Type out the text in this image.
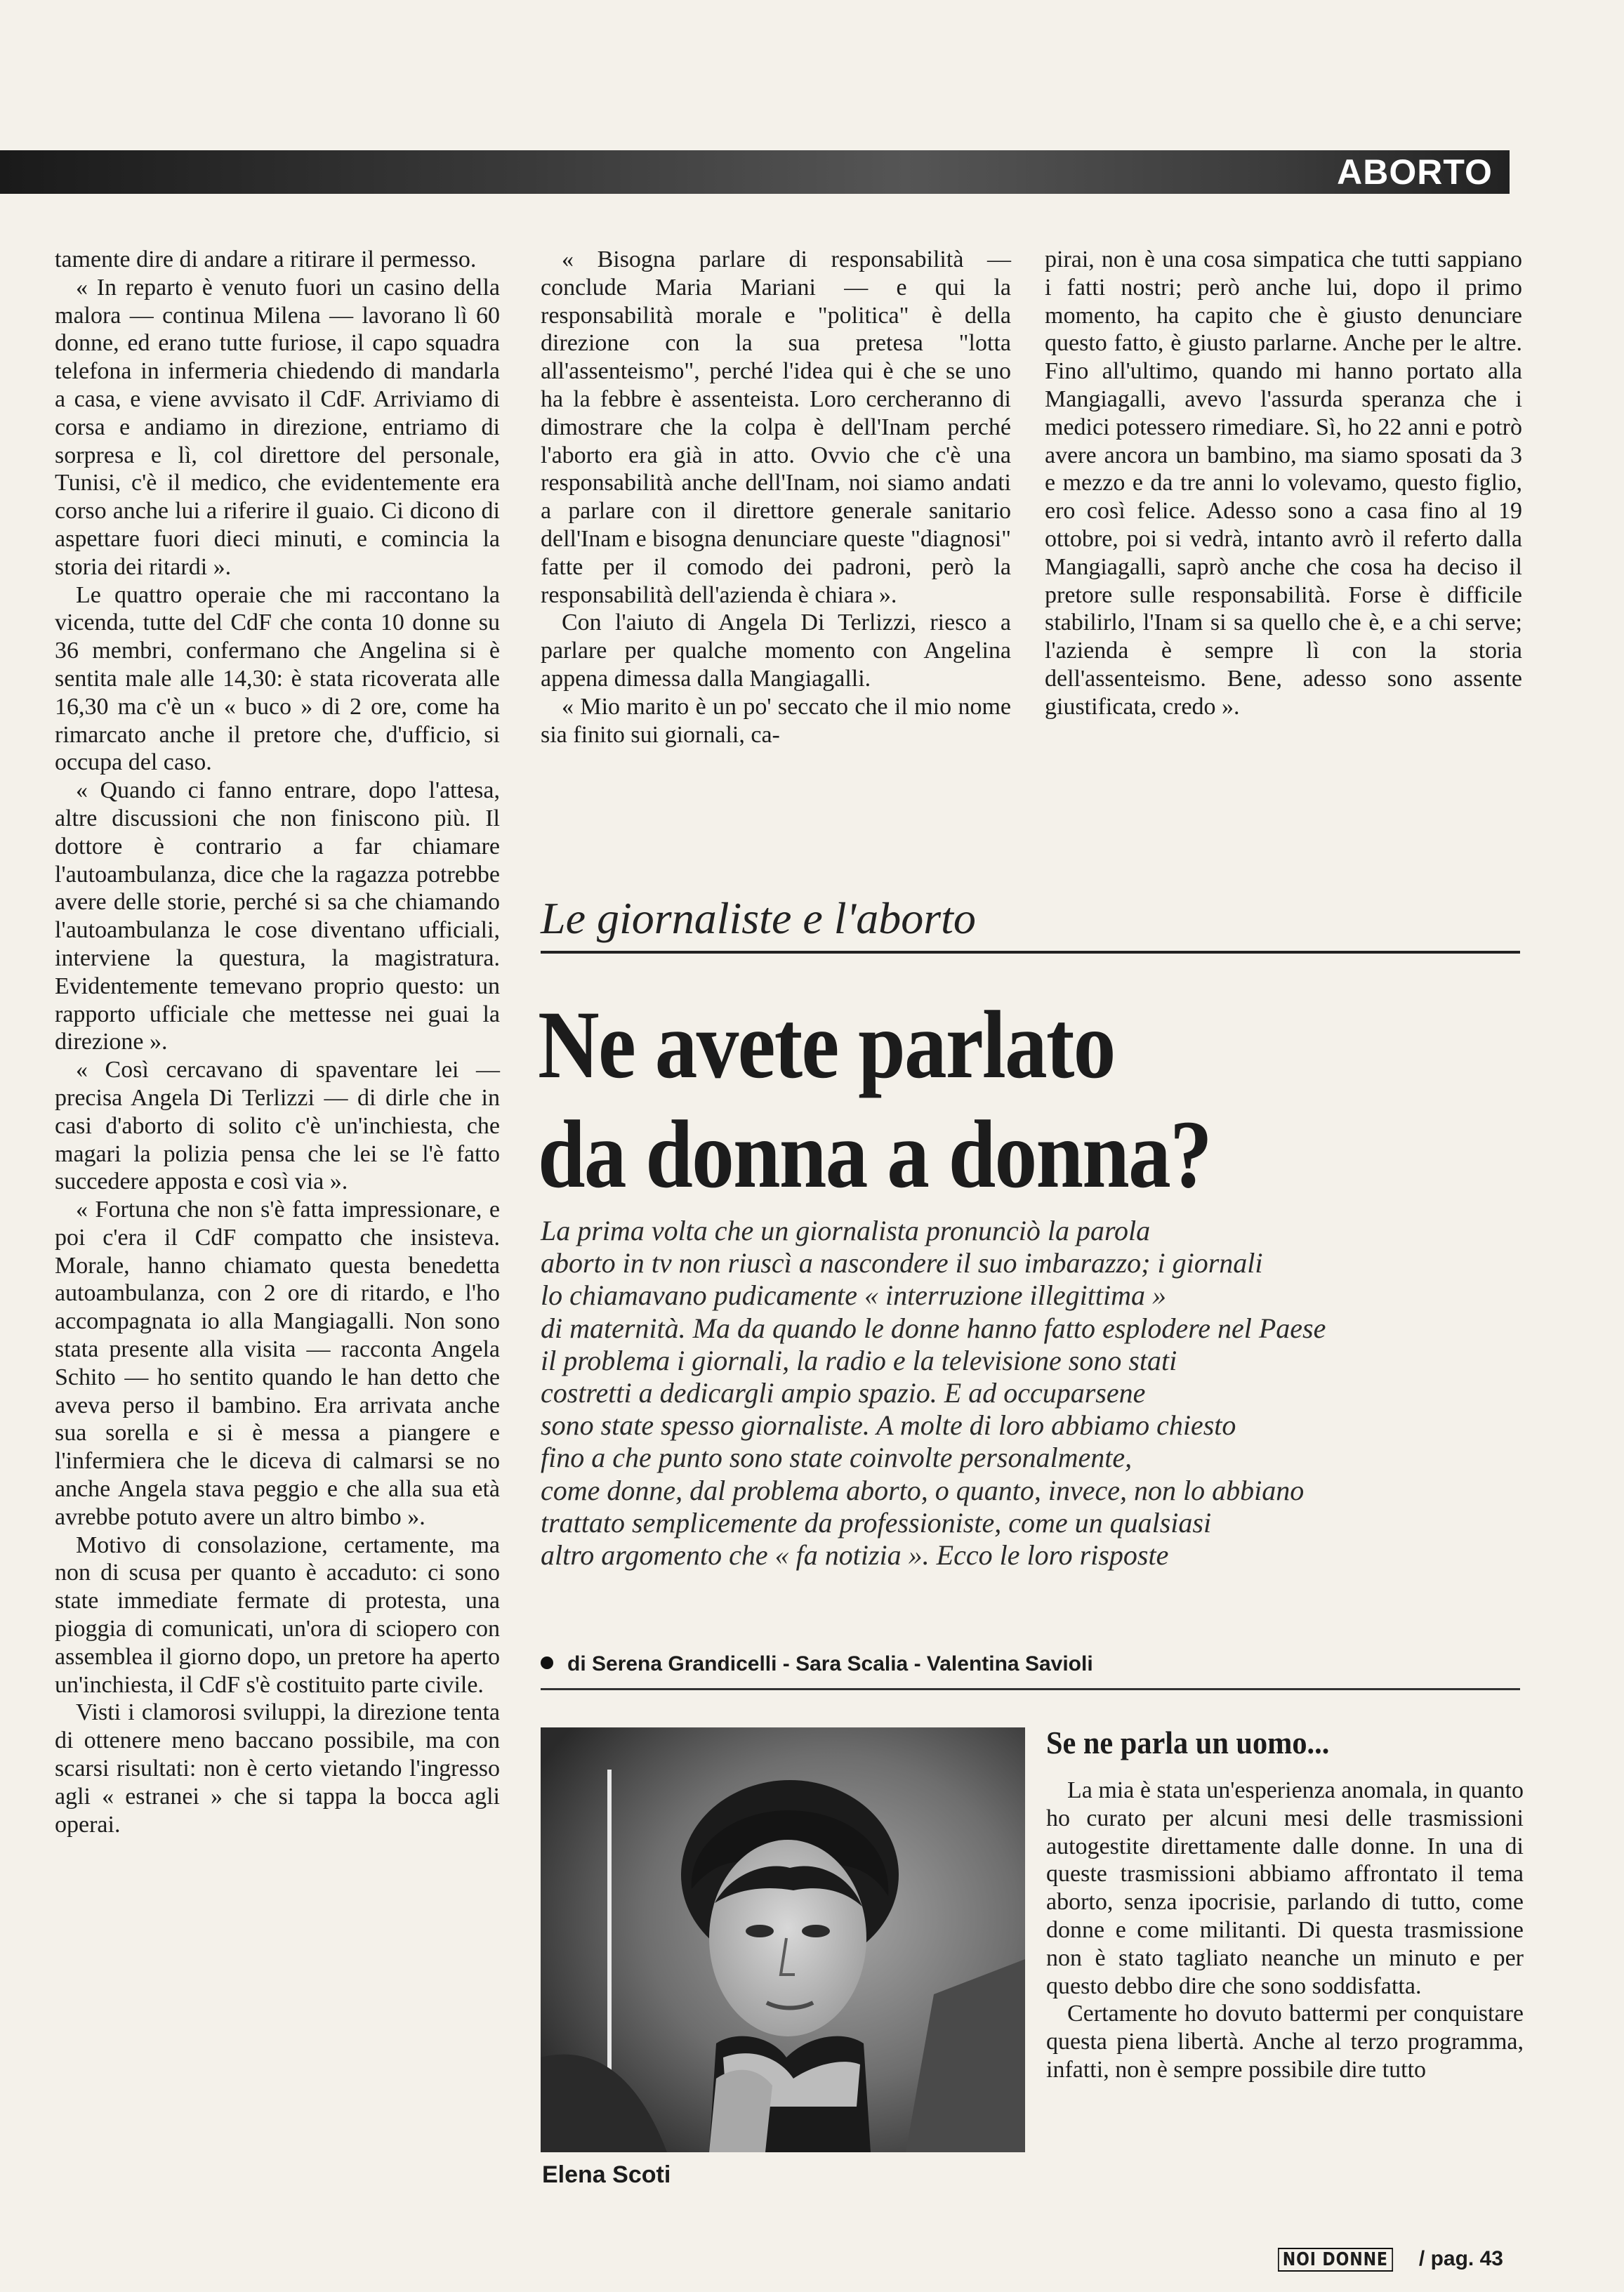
ABORTO

tamente dire di andare a ritirare il permesso.

« In reparto è venuto fuori un casino della malora — continua Milena — lavorano lì 60 donne, ed erano tutte furiose, il capo squadra telefona in infermeria chiedendo di mandarla a casa, e viene avvisato il CdF. Arriviamo di corsa e andiamo in direzione, entriamo di sorpresa e lì, col direttore del personale, Tunisi, c'è il medico, che evidentemente era corso anche lui a riferire il guaio. Ci dicono di aspettare fuori dieci minuti, e comincia la storia dei ritardi ».

Le quattro operaie che mi raccontano la vicenda, tutte del CdF che conta 10 donne su 36 membri, confermano che Angelina si è sentita male alle 14,30: è stata ricoverata alle 16,30 ma c'è un « buco » di 2 ore, come ha rimarcato anche il pretore che, d'ufficio, si occupa del caso.

« Quando ci fanno entrare, dopo l'attesa, altre discussioni che non finiscono più. Il dottore è contrario a far chiamare l'autoambulanza, dice che la ragazza potrebbe avere delle storie, perché si sa che chiamando l'autoambulanza le cose diventano ufficiali, interviene la questura, la magistratura. Evidentemente temevano proprio questo: un rapporto ufficiale che mettesse nei guai la direzione ».

« Così cercavano di spaventare lei — precisa Angela Di Terlizzi — di dirle che in casi d'aborto di solito c'è un'inchiesta, che magari la polizia pensa che lei se l'è fatto succedere apposta e così via ».

« Fortuna che non s'è fatta impressionare, e poi c'era il CdF compatto che insisteva. Morale, hanno chiamato questa benedetta autoambulanza, con 2 ore di ritardo, e l'ho accompagnata io alla Mangiagalli. Non sono stata presente alla visita — racconta Angela Schito — ho sentito quando le han detto che aveva perso il bambino. Era arrivata anche sua sorella e si è messa a piangere e l'infermiera che le diceva di calmarsi se no anche Angela stava peggio e che alla sua età avrebbe potuto avere un altro bimbo ».

Motivo di consolazione, certamente, ma non di scusa per quanto è accaduto: ci sono state immediate fermate di protesta, una pioggia di comunicati, un'ora di sciopero con assemblea il giorno dopo, un pretore ha aperto un'inchiesta, il CdF s'è costituito parte civile.

Visti i clamorosi sviluppi, la direzione tenta di ottenere meno baccano possibile, ma con scarsi risultati: non è certo vietando l'ingresso agli « estranei » che si tappa la bocca agli operai.

« Bisogna parlare di responsabilità — conclude Maria Mariani — e qui la responsabilità morale e "politica" è della direzione con la sua pretesa "lotta all'assenteismo", perché l'idea qui è che se uno ha la febbre è assenteista. Loro cercheranno di dimostrare che la colpa è dell'Inam perché l'aborto era già in atto. Ovvio che c'è una responsabilità anche dell'Inam, noi siamo andati a parlare con il direttore generale sanitario dell'Inam e bisogna denunciare queste "diagnosi" fatte per il comodo dei padroni, però la responsabilità dell'azienda è chiara ».

Con l'aiuto di Angela Di Terlizzi, riesco a parlare per qualche momento con Angelina appena dimessa dalla Mangiagalli.

« Mio marito è un po' seccato che il mio nome sia finito sui giornali, ca-

pirai, non è una cosa simpatica che tutti sappiano i fatti nostri; però anche lui, dopo il primo momento, ha capito che è giusto denunciare questo fatto, è giusto parlarne. Anche per le altre. Fino all'ultimo, quando mi hanno portato alla Mangiagalli, avevo l'assurda speranza che i medici potessero rimediare. Sì, ho 22 anni e potrò avere ancora un bambino, ma siamo sposati da 3 e mezzo e da tre anni lo volevamo, questo figlio, ero così felice. Adesso sono a casa fino al 19 ottobre, poi si vedrà, intanto avrò il referto dalla Mangiagalli, saprò anche che cosa ha deciso il pretore sulle responsabilità. Forse è difficile stabilirlo, l'Inam si sa quello che è, e a chi serve; l'azienda è sempre lì con la storia dell'assenteismo. Bene, adesso sono assente giustificata, credo ».

Le giornaliste e l'aborto
Ne avete parlato
da donna a donna?
La prima volta che un giornalista pronunciò la parola
aborto in tv non riuscì a nascondere il suo imbarazzo; i giornali
lo chiamavano pudicamente « interruzione illegittima »
di maternità. Ma da quando le donne hanno fatto esplodere nel Paese
il problema i giornali, la radio e la televisione sono stati
costretti a dedicargli ampio spazio. E ad occuparsene
sono state spesso giornaliste. A molte di loro abbiamo chiesto
fino a che punto sono state coinvolte personalmente,
come donne, dal problema aborto, o quanto, invece, non lo abbiano
trattato semplicemente da professioniste, come un qualsiasi
altro argomento che « fa notizia ». Ecco le loro risposte
di Serena Grandicelli - Sara Scalia - Valentina Savioli
Elena Scoti
Se ne parla un uomo...

La mia è stata un'esperienza anomala, in quanto ho curato per alcuni mesi delle trasmissioni autogestite direttamente dalle donne. In una di queste trasmissioni abbiamo affrontato il tema aborto, senza ipocrisie, parlando di tutto, come donne e come militanti. Di questa trasmissione non è stato tagliato neanche un minuto e per questo debbo dire che sono soddisfatta.

Certamente ho dovuto battermi per conquistare questa piena libertà. Anche al terzo programma, infatti, non è sempre possibile dire tutto

NOI DONNE / pag. 43
